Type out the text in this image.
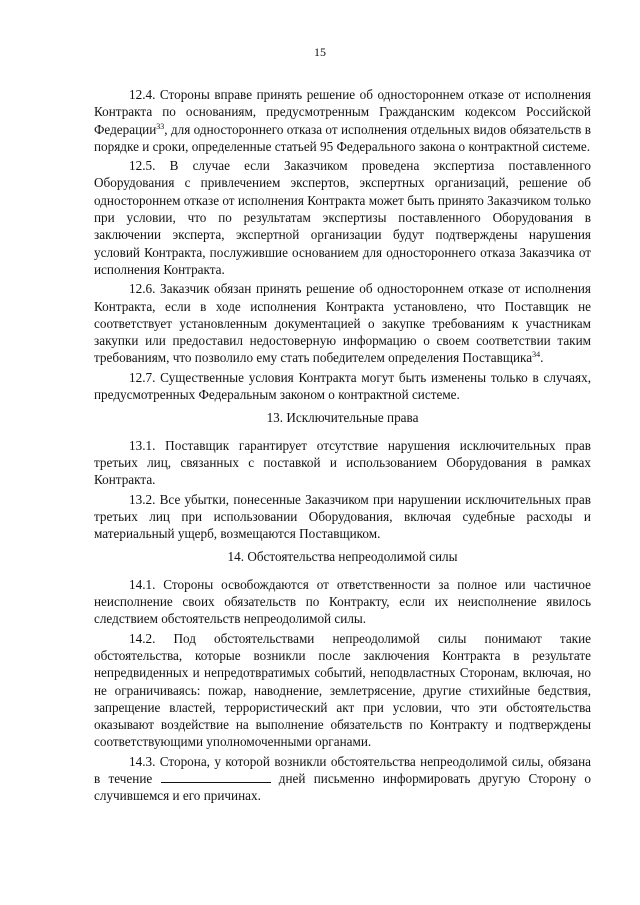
15

12.4. Стороны вправе принять решение об одностороннем отказе от исполнения Контракта по основаниям, предусмотренным Гражданским кодексом Российской Федерации$^{33}$, для одностороннего отказа от исполнения отдельных видов обязательств в порядке и сроки, определенные статьей 95 Федерального закона о контрактной системе.

12.5. В случае если Заказчиком проведена экспертиза поставленного Оборудования с привлечением экспертов, экспертных организаций, решение об одностороннем отказе от исполнения Контракта может быть принято Заказчиком только при условии, что по результатам экспертизы поставленного Оборудования в заключении эксперта, экспертной организации будут подтверждены нарушения условий Контракта, послужившие основанием для одностороннего отказа Заказчика от исполнения Контракта.

12.6. Заказчик обязан принять решение об одностороннем отказе от исполнения Контракта, если в ходе исполнения Контракта установлено, что Поставщик не соответствует установленным документацией о закупке требованиям к участникам закупки или предоставил недостоверную информацию о своем соответствии таким требованиям, что позволило ему стать победителем определения Поставщика$^{34}$.

12.7. Существенные условия Контракта могут быть изменены только в случаях, предусмотренных Федеральным законом о контрактной системе.

13. Исключительные права

13.1. Поставщик гарантирует отсутствие нарушения исключительных прав третьих лиц, связанных с поставкой и использованием Оборудования в рамках Контракта.

13.2. Все убытки, понесенные Заказчиком при нарушении исключительных прав третьих лиц при использовании Оборудования, включая судебные расходы и материальный ущерб, возмещаются Поставщиком.

14. Обстоятельства непреодолимой силы

14.1. Стороны освобождаются от ответственности за полное или частичное неисполнение своих обязательств по Контракту, если их неисполнение явилось следствием обстоятельств непреодолимой силы.

14.2. Под обстоятельствами непреодолимой силы понимают такие обстоятельства, которые возникли после заключения Контракта в результате непредвиденных и непредотвратимых событий, неподвластных Сторонам, включая, но не ограничиваясь: пожар, наводнение, землетрясение, другие стихийные бедствия, запрещение властей, террористический акт при условии, что эти обстоятельства оказывают воздействие на выполнение обязательств по Контракту и подтверждены соответствующими уполномоченными органами.

14.3. Сторона, у которой возникли обстоятельства непреодолимой силы, обязана в течение	дней письменно информировать другую Сторону о случившемся и его причинах.
